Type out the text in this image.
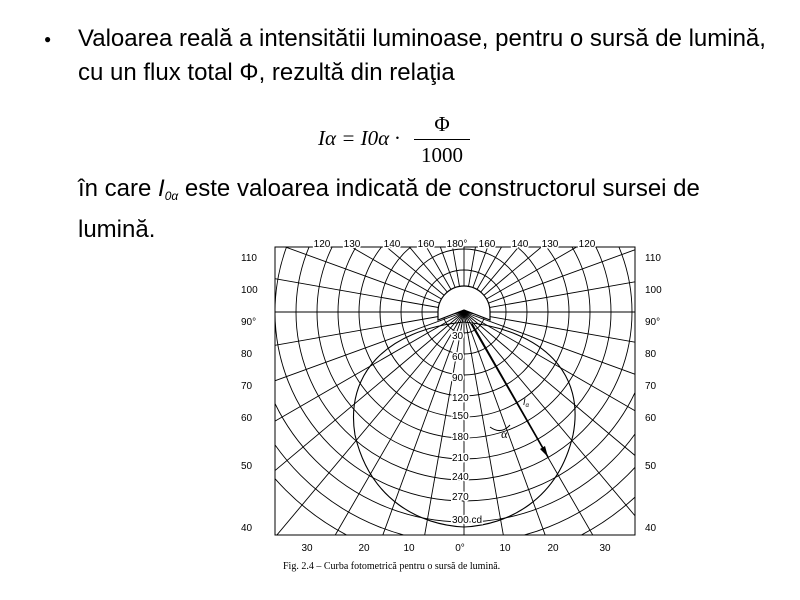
● Valoarea reală a intensitătii luminoase, pentru o sursă de lumină, cu un flux total Φ, rezultă din relaţia
Iα = I0α ·
Φ
1000
în care $I_{0\alpha}$ este valoarea indicată de constructorul sursei de lumină.
120 130 140 160 180° 160 140 130 120
110
100
90°
80
70
60
50
40
110
100
90°
80
70
60
50
40
30	20	10	0°	10	20	30
30
60
90
120
150
180
210
240
270
300 cd
$I_\alpha$
α
Fig. 2.4 – Curba fotometrică pentru o sursă de lumină.
